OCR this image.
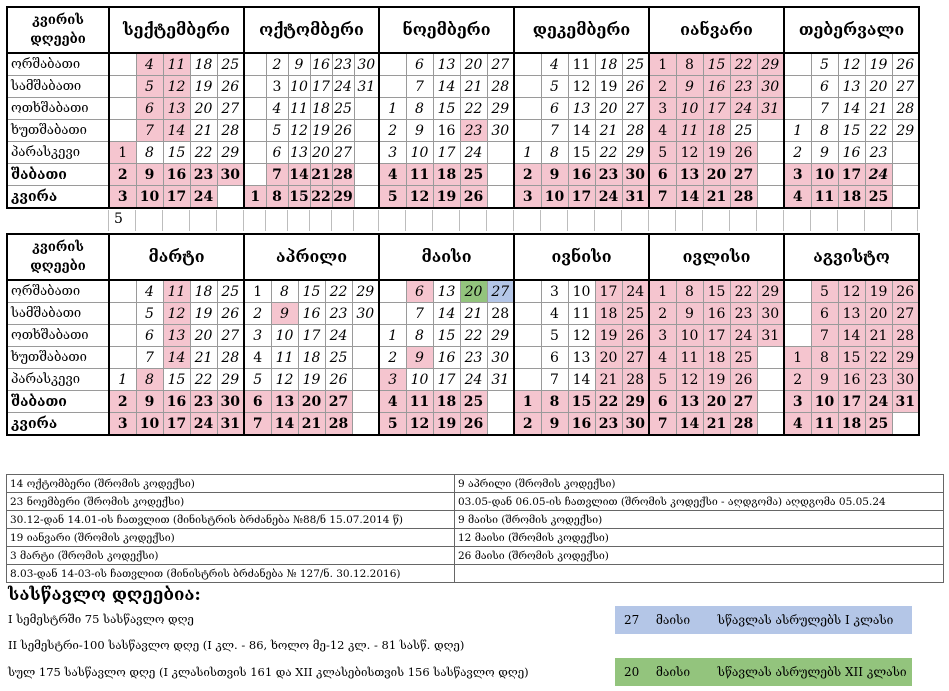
კვირის
დღეები	სექტემბერი					ოქტომბერი						ნოემბერი					დეკემბერი					იანვარი					თებერვალი				
ორშაბათი		4	11	18	25		2	9	16	23	30		6	13	20	27		4	11	18	25	1	8	15	22	29		5	12	19	26
სამშაბათი		5	12	19	26		3	10	17	24	31		7	14	21	28		5	12	19	26	2	9	16	23	30		6	13	20	27
ოთხშაბათი		6	13	20	27		4	11	18	25		1	8	15	22	29		6	13	20	27	3	10	17	24	31		7	14	21	28
ხუთშაბათი		7	14	21	28		5	12	19	26		2	9	16	23	30		7	14	21	28	4	11	18	25		1	8	15	22	29
პარასკევი	1	8	15	22	29		6	13	20	27		3	10	17	24		1	8	15	22	29	5	12	19	26		2	9	16	23	
შაბათი	2	9	16	23	30		7	14	21	28		4	11	18	25		2	9	16	23	30	6	13	20	27		3	10	17	24	
კვირა	3	10	17	24		1	8	15	22	29		5	12	19	26		3	10	17	24	31	7	14	21	28		4	11	18	25	
5
კვირის
დღეები	მარტი					აპრილი					მაისი					ივნისი					ივლისი					აგვისტო				
ორშაბათი		4	11	18	25	1	8	15	22	29		6	13	20	27		3	10	17	24	1	8	15	22	29		5	12	19	26
სამშაბათი		5	12	19	26	2	9	16	23	30		7	14	21	28		4	11	18	25	2	9	16	23	30		6	13	20	27
ოთხშაბათი		6	13	20	27	3	10	17	24		1	8	15	22	29		5	12	19	26	3	10	17	24	31		7	14	21	28
ხუთშაბათი		7	14	21	28	4	11	18	25		2	9	16	23	30		6	13	20	27	4	11	18	25		1	8	15	22	29
პარასკევი	1	8	15	22	29	5	12	19	26		3	10	17	24	31		7	14	21	28	5	12	19	26		2	9	16	23	30
შაბათი	2	9	16	23	30	6	13	20	27		4	11	18	25		1	8	15	22	29	6	13	20	27		3	10	17	24	31
კვირა	3	10	17	24	31	7	14	21	28		5	12	19	26		2	9	16	23	30	7	14	21	28		4	11	18	25	
14 ოქტომბერი (შრომის კოდექსი)	9 აპრილი (შრომის კოდექსი)
23 ნოემბერი (შრომის კოდექსი)	03.05-დან 06.05-ის ჩათვლით (შრომის კოდექსი - აღდგომა) აღდგომა 05.05.24
30.12-დან 14.01-ის ჩათვლით (მინისტრის ბრძანება №88/ნ 15.07.2014 წ)	9 მაისი (შრომის კოდექსი)
19 იანვარი (შრომის კოდექსი)	12 მაისი (შრომის კოდექსი)
3 მარტი (შრომის კოდექსი)	26 მაისი (შრომის კოდექსი)
8.03-დან 14-03-ის ჩათვლით (მინისტრის ბრძანება № 127/ნ. 30.12.2016)	
სასწავლო დღეებია:
I სემესტრში 75 სასწავლო დღე
II სემესტრი-100 სასწავლო დღე (I კლ. - 86, ხოლო მე-12 კლ. - 81 სასწ. დღე)
სულ 175 სასწავლო დღე (I კლასისთვის 161 და XII კლასებისთვის 156 სასწავლო დღე)
27 მაისი სწავლას ასრულებს I კლასი
20 მაისი სწავლას ასრულებს XII კლასი
